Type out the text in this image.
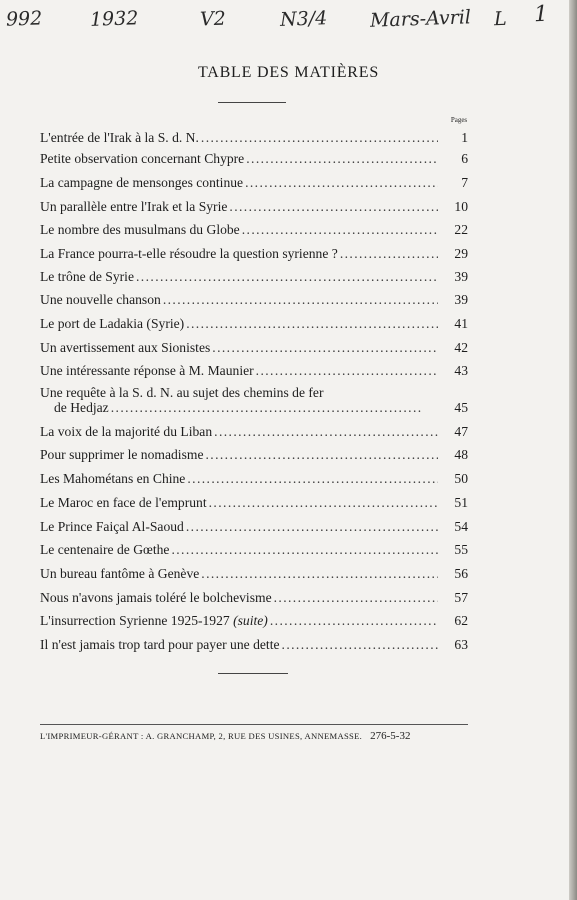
992 1932	V2	N3/4 Mars-Avril L 1
TABLE DES MATIÈRES
Pages
L'entrée de l'Irak à la S. d. N. . . .	1
Petite observation concernant Chypre . . .	6
La campagne de mensonges continue . . .	7
Un parallèle entre l'Irak et la Syrie . . .	10
Le nombre des musulmans du Globe . . .	22
La France pourra-t-elle résoudre la question syrienne ? . . .	29
Le trône de Syrie . . .	39
Une nouvelle chanson . . .	39
Le port de Ladakia (Syrie) . . .	41
Un avertissement aux Sionistes . . .	42
Une intéressante réponse à M. Maunier . . .	43
Une requête à la S. d. N. au sujet des chemins de fer
de Hedjaz . . .	45
La voix de la majorité du Liban . . .	47
Pour supprimer le nomadisme . . .	48
Les Mahométans en Chine . . .	50
Le Maroc en face de l'emprunt . . .	51
Le Prince Faiçal Al-Saoud . . .	54
Le centenaire de Gœthe . . .	55
Un bureau fantôme à Genève . . .	56
Nous n'avons jamais toléré le bolchevisme . . .	57
L'insurrection Syrienne 1925-1927 (suite) . . .	62
Il n'est jamais trop tard pour payer une dette . . .	63
L'IMPRIMEUR-GÉRANT : A. GRANCHAMP, 2, RUE DES USINES, ANNEMASSE. 276-5-32
